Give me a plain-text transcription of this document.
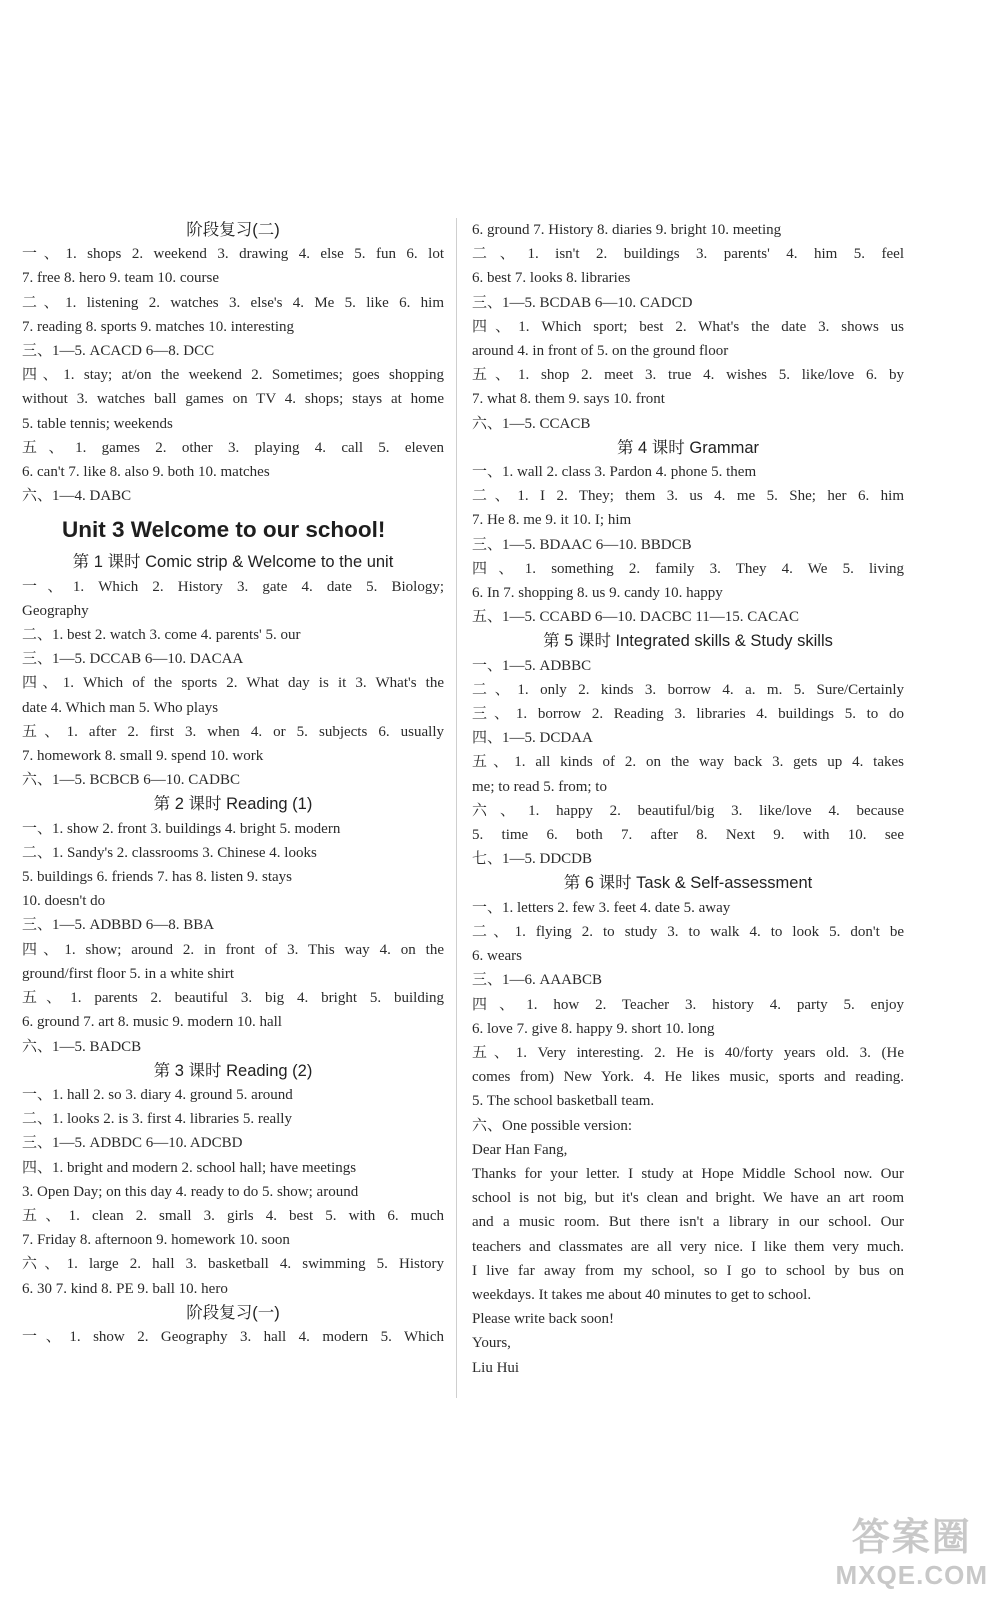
阶段复习(二)
一、1. shops 2. weekend 3. drawing 4. else 5. fun 6. lot
7. free 8. hero 9. team 10. course
二、1. listening 2. watches 3. else's 4. Me 5. like 6. him
7. reading 8. sports 9. matches 10. interesting
三、1—5. ACACD 6—8. DCC
四、1. stay; at/on the weekend 2. Sometimes; goes shopping
without 3. watches ball games on TV 4. shops; stays at home
5. table tennis; weekends
五、1. games 2. other 3. playing 4. call 5. eleven
6. can't 7. like 8. also 9. both 10. matches
六、1—4. DABC
Unit 3 Welcome to our school!
第 1 课时 Comic strip & Welcome to the unit
一、1. Which 2. History 3. gate 4. date 5. Biology;
Geography
二、1. best 2. watch 3. come 4. parents' 5. our
三、1—5. DCCAB 6—10. DACAA
四、1. Which of the sports 2. What day is it 3. What's the
date 4. Which man 5. Who plays
五、1. after 2. first 3. when 4. or 5. subjects 6. usually
7. homework 8. small 9. spend 10. work
六、1—5. BCBCB 6—10. CADBC
第 2 课时 Reading (1)
一、1. show 2. front 3. buildings 4. bright 5. modern
二、1. Sandy's 2. classrooms 3. Chinese 4. looks
5. buildings 6. friends 7. has 8. listen 9. stays
10. doesn't do
三、1—5. ADBBD 6—8. BBA
四、1. show; around 2. in front of 3. This way 4. on the
ground/first floor 5. in a white shirt
五、1. parents 2. beautiful 3. big 4. bright 5. building
6. ground 7. art 8. music 9. modern 10. hall
六、1—5. BADCB
第 3 课时 Reading (2)
一、1. hall 2. so 3. diary 4. ground 5. around
二、1. looks 2. is 3. first 4. libraries 5. really
三、1—5. ADBDC 6—10. ADCBD
四、1. bright and modern 2. school hall; have meetings
3. Open Day; on this day 4. ready to do 5. show; around
五、1. clean 2. small 3. girls 4. best 5. with 6. much
7. Friday 8. afternoon 9. homework 10. soon
六、1. large 2. hall 3. basketball 4. swimming 5. History
6. 30 7. kind 8. PE 9. ball 10. hero
阶段复习(一)
一、1. show 2. Geography 3. hall 4. modern 5. Which
6. ground 7. History 8. diaries 9. bright 10. meeting
二、1. isn't 2. buildings 3. parents' 4. him 5. feel
6. best 7. looks 8. libraries
三、1—5. BCDAB 6—10. CADCD
四、1. Which sport; best 2. What's the date 3. shows us
around 4. in front of 5. on the ground floor
五、1. shop 2. meet 3. true 4. wishes 5. like/love 6. by
7. what 8. them 9. says 10. front
六、1—5. CCACB
第 4 课时 Grammar
一、1. wall 2. class 3. Pardon 4. phone 5. them
二、1. I 2. They; them 3. us 4. me 5. She; her 6. him
7. He 8. me 9. it 10. I; him
三、1—5. BDAAC 6—10. BBDCB
四、1. something 2. family 3. They 4. We 5. living
6. In 7. shopping 8. us 9. candy 10. happy
五、1—5. CCABD 6—10. DACBC 11—15. CACAC
第 5 课时 Integrated skills & Study skills
一、1—5. ADBBC
二、1. only 2. kinds 3. borrow 4. a. m. 5. Sure/Certainly
三、1. borrow 2. Reading 3. libraries 4. buildings 5. to do
四、1—5. DCDAA
五、1. all kinds of 2. on the way back 3. gets up 4. takes
me; to read 5. from; to
六、1. happy 2. beautiful/big 3. like/love 4. because
5. time 6. both 7. after 8. Next 9. with 10. see
七、1—5. DDCDB
第 6 课时 Task & Self-assessment
一、1. letters 2. few 3. feet 4. date 5. away
二、1. flying 2. to study 3. to walk 4. to look 5. don't be
6. wears
三、1—6. AAABCB
四、1. how 2. Teacher 3. history 4. party 5. enjoy
6. love 7. give 8. happy 9. short 10. long
五、1. Very interesting. 2. He is 40/forty years old. 3. (He
comes from) New York. 4. He likes music, sports and reading.
5. The school basketball team.
六、One possible version:
Dear Han Fang,
Thanks for your letter. I study at Hope Middle School now. Our
school is not big, but it's clean and bright. We have an art room
and a music room. But there isn't a library in our school. Our
teachers and classmates are all very nice. I like them very much.
I live far away from my school, so I go to school by bus on
weekdays. It takes me about 40 minutes to get to school.
Please write back soon!
Yours,
Liu Hui
答案圈
MXQE.COM
